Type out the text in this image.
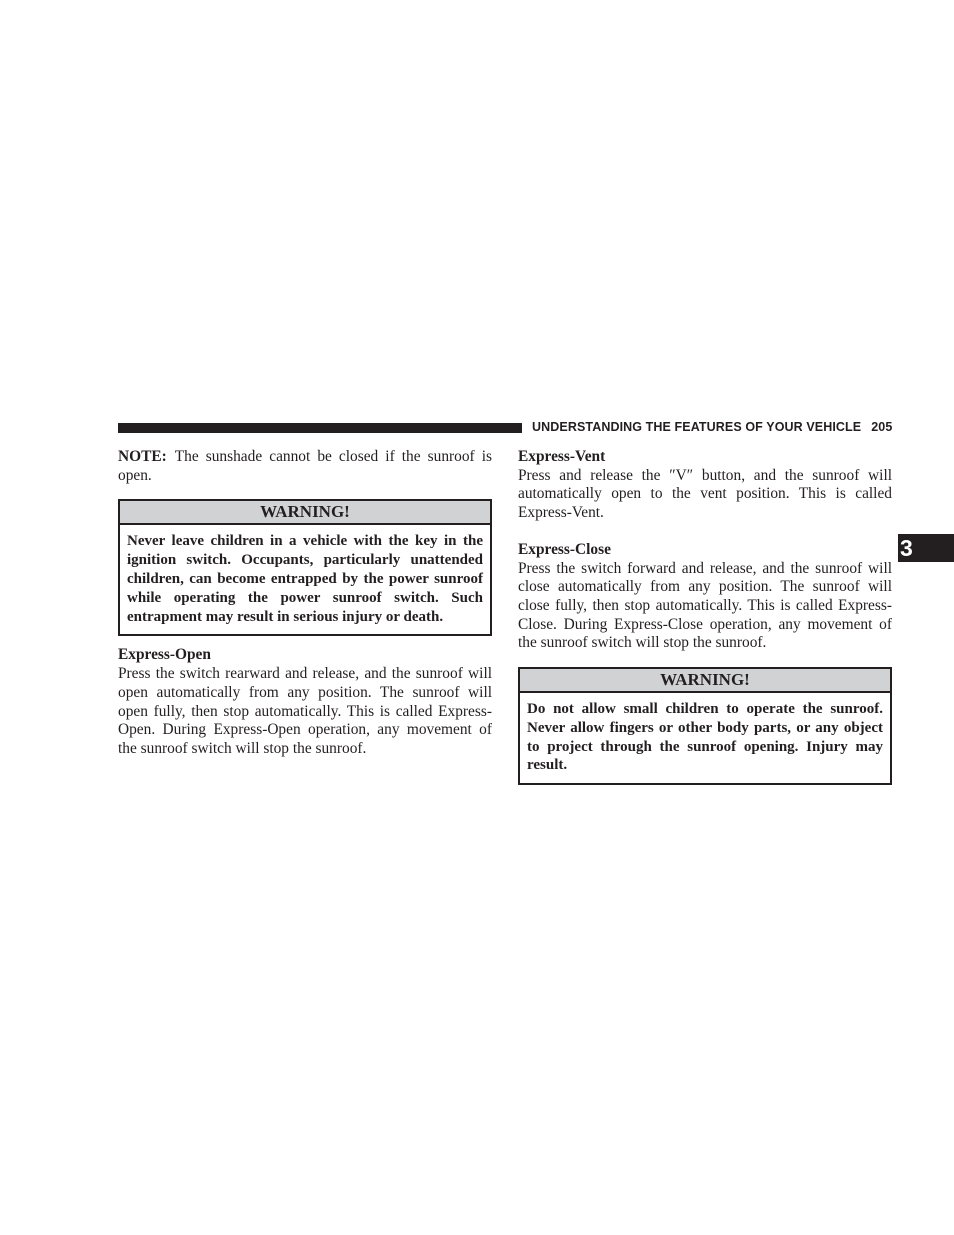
UNDERSTANDING THE FEATURES OF YOUR VEHICLE 205
3

NOTE: The sunshade cannot be closed if the sunroof is open.

WARNING!
Never leave children in a vehicle with the key in the ignition switch. Occupants, particularly unattended children, can become entrapped by the power sunroof while operating the power sunroof switch. Such entrapment may result in serious injury or death.
Express-Open

Press the switch rearward and release, and the sunroof will open automatically from any position. The sunroof will open fully, then stop automatically. This is called Express-Open. During Express-Open operation, any movement of the sunroof switch will stop the sunroof.

Express-Vent

Press and release the ″V″ button, and the sunroof will automatically open to the vent position. This is called Express-Vent.

Express-Close

Press the switch forward and release, and the sunroof will close automatically from any position. The sunroof will close fully, then stop automatically. This is called Express-Close. During Express-Close operation, any movement of the sunroof switch will stop the sunroof.

WARNING!
Do not allow small children to operate the sunroof. Never allow fingers or other body parts, or any object to project through the sunroof opening. Injury may result.
